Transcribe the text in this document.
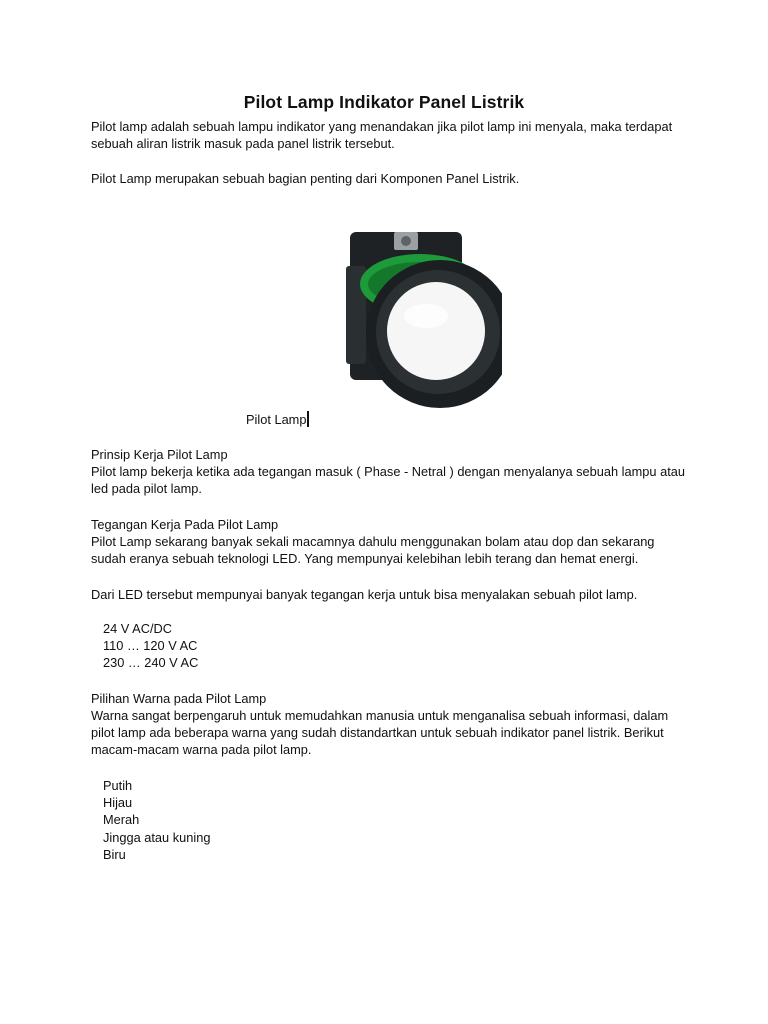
Pilot Lamp Indikator Panel Listrik

Pilot lamp adalah sebuah lampu indikator yang menandakan jika pilot lamp ini menyala, maka terdapat sebuah aliran listrik masuk pada panel listrik tersebut.

Pilot Lamp merupakan sebuah bagian penting dari Komponen Panel Listrik.

Pilot Lamp

Prinsip Kerja Pilot Lamp

Pilot lamp bekerja ketika ada tegangan masuk ( Phase - Netral ) dengan menyalanya sebuah lampu atau led pada pilot lamp.

Tegangan Kerja Pada Pilot Lamp

Pilot Lamp sekarang banyak sekali macamnya dahulu menggunakan bolam atau dop dan sekarang sudah eranya sebuah teknologi LED. Yang mempunyai kelebihan lebih terang dan hemat energi.

Dari LED tersebut mempunyai banyak tegangan kerja untuk bisa menyalakan sebuah pilot lamp.

24 V AC/DC
110 … 120 V AC
230 … 240 V AC

Pilihan Warna pada Pilot Lamp

Warna sangat berpengaruh untuk memudahkan manusia untuk menganalisa sebuah informasi, dalam pilot lamp ada beberapa warna yang sudah distandartkan untuk sebuah indikator panel listrik. Berikut macam-macam warna pada pilot lamp.

Putih
Hijau
Merah
Jingga atau kuning
Biru
